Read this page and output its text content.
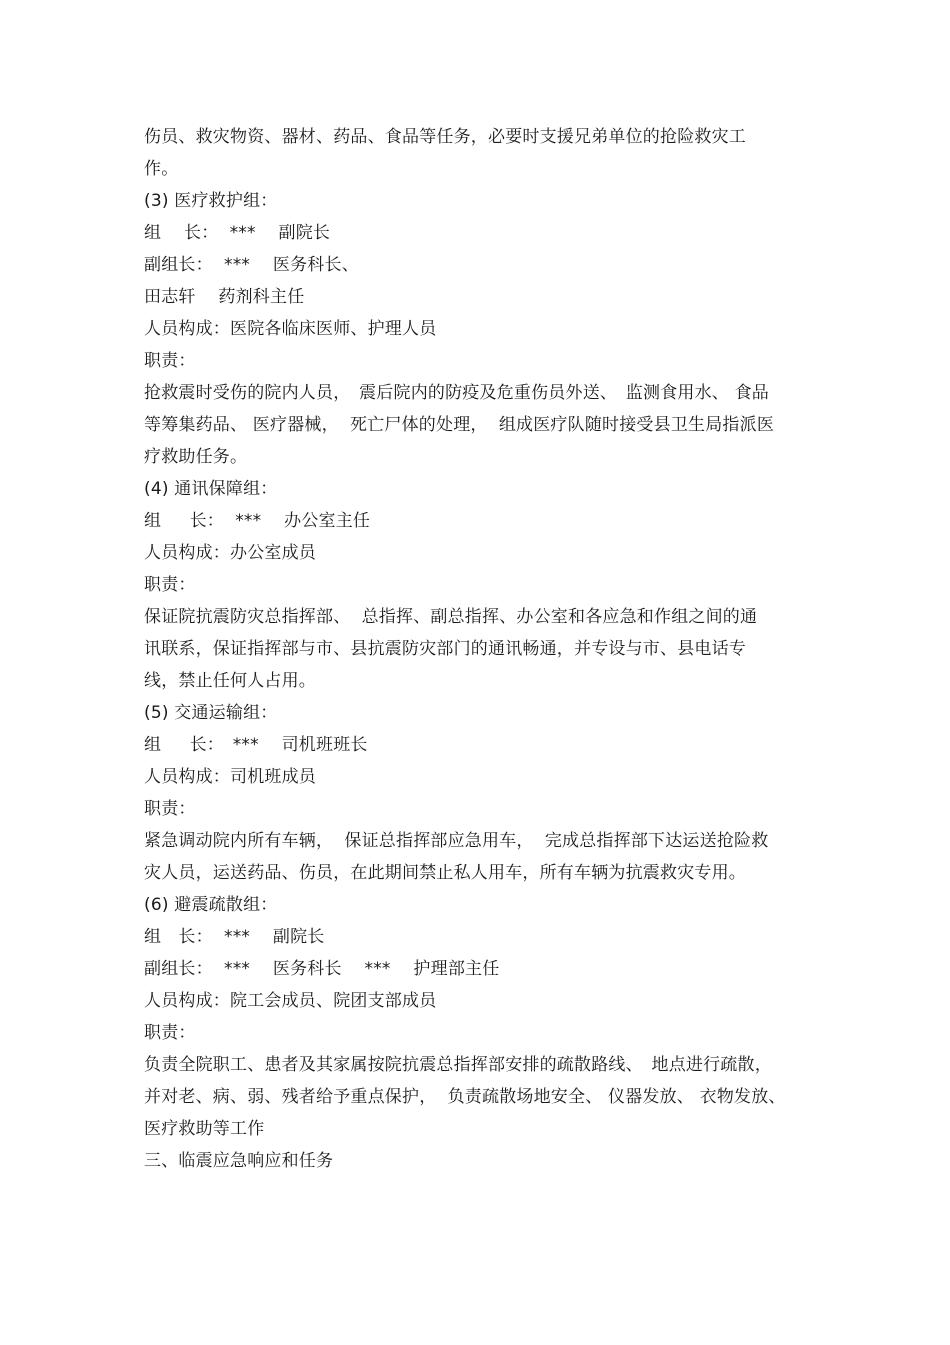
伤员、救灾物资、器材、药品、食品等任务，必要时支援兄弟单位的抢险救灾工
作。
(3) 医疗救护组：
组　 长：  ***　 副院长
副组长：  ***　 医务科长、
田志轩　 药剂科主任
人员构成：医院各临床医师、护理人员
职责：
抢救震时受伤的院内人员，　震后院内的防疫及危重伤员外送、　监测食用水、 食品
等筹集药品、 医疗器械，  死亡尸体的处理，  组成医疗队随时接受县卫生局指派医
疗救助任务。
(4) 通讯保障组：
组　  长：  ***　 办公室主任
人员构成：办公室成员
职责：
保证院抗震防灾总指挥部、  总指挥、副总指挥、办公室和各应急和作组之间的通
讯联系，保证指挥部与市、县抗震防灾部门的通讯畅通，并专设与市、县电话专
线，禁止任何人占用。
(5) 交通运输组：
组　  长：　***　 司机班班长
人员构成：司机班成员
职责：
紧急调动院内所有车辆，  保证总指挥部应急用车，  完成总指挥部下达运送抢险救
灾人员，运送药品、伤员，在此期间禁止私人用车，所有车辆为抗震救灾专用。
(6) 避震疏散组：
组　长：  ***　 副院长
副组长：  ***　 医务科长　 ***　 护理部主任
人员构成：院工会成员、院团支部成员
职责：
负责全院职工、患者及其家属按院抗震总指挥部安排的疏散路线、　地点进行疏散，
并对老、病、弱、残者给予重点保护，  负责疏散场地安全、 仪器发放、 衣物发放、
医疗救助等工作
三、临震应急响应和任务
